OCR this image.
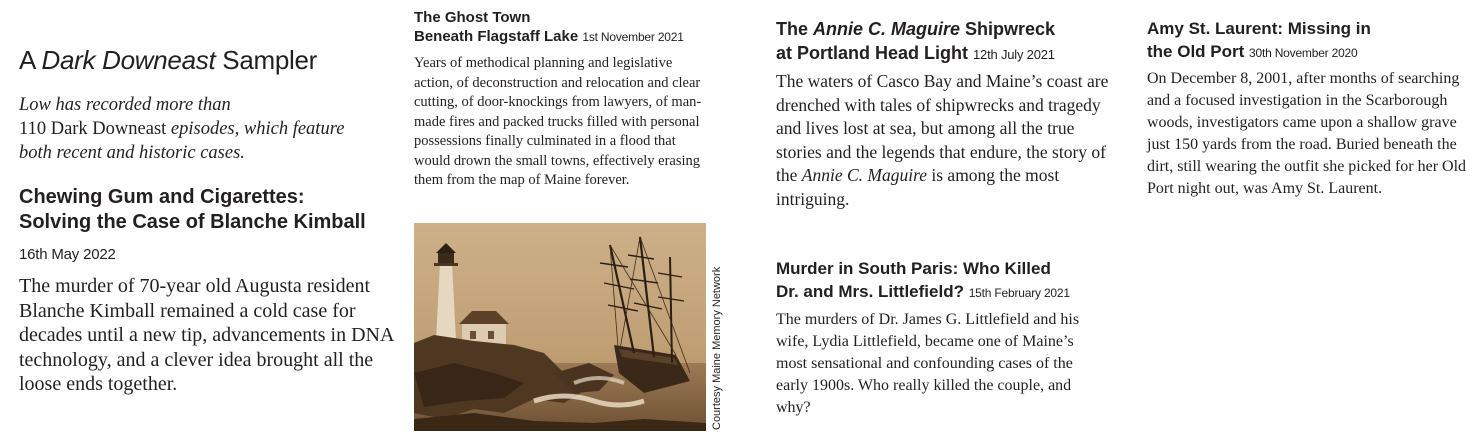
A Dark Downeast Sampler
Low has recorded more than
110 Dark Downeast episodes, which feature both recent and historic cases.
Chewing Gum and Cigarettes:
Solving the Case of Blanche Kimball
16th May 2022

The murder of 70-year old Augusta resident Blanche Kimball remained a cold case for decades until a new tip, advancements in DNA technology, and a clever idea brought all the loose ends together.

The Ghost Town
Beneath Flagstaff Lake 1st November 2021

Years of methodical planning and legislative action, of deconstruction and relocation and clear cutting, of door-knockings from lawyers, of man-made fires and packed trucks filled with personal possessions finally culminated in a flood that would drown the small towns, effectively erasing them from the map of Maine forever.

Courtesy Maine Memory Network
The Annie C. Maguire Shipwreck
at Portland Head Light 12th July 2021

The waters of Casco Bay and Maine’s coast are drenched with tales of shipwrecks and tragedy and lives lost at sea, but among all the true stories and the legends that endure, the story of the Annie C. Maguire is among the most intriguing.

Murder in South Paris: Who Killed
Dr. and Mrs. Littlefield? 15th February 2021

The murders of Dr. James G. Littlefield and his wife, Lydia Littlefield, became one of Maine’s most sensational and confounding cases of the early 1900s. Who really killed the couple, and why?

Amy St. Laurent: Missing in
the Old Port 30th November 2020

On December 8, 2001, after months of searching and a focused investigation in the Scarborough woods, investigators came upon a shallow grave just 150 yards from the road. Buried beneath the dirt, still wearing the outfit she picked for her Old Port night out, was Amy St. Laurent.
